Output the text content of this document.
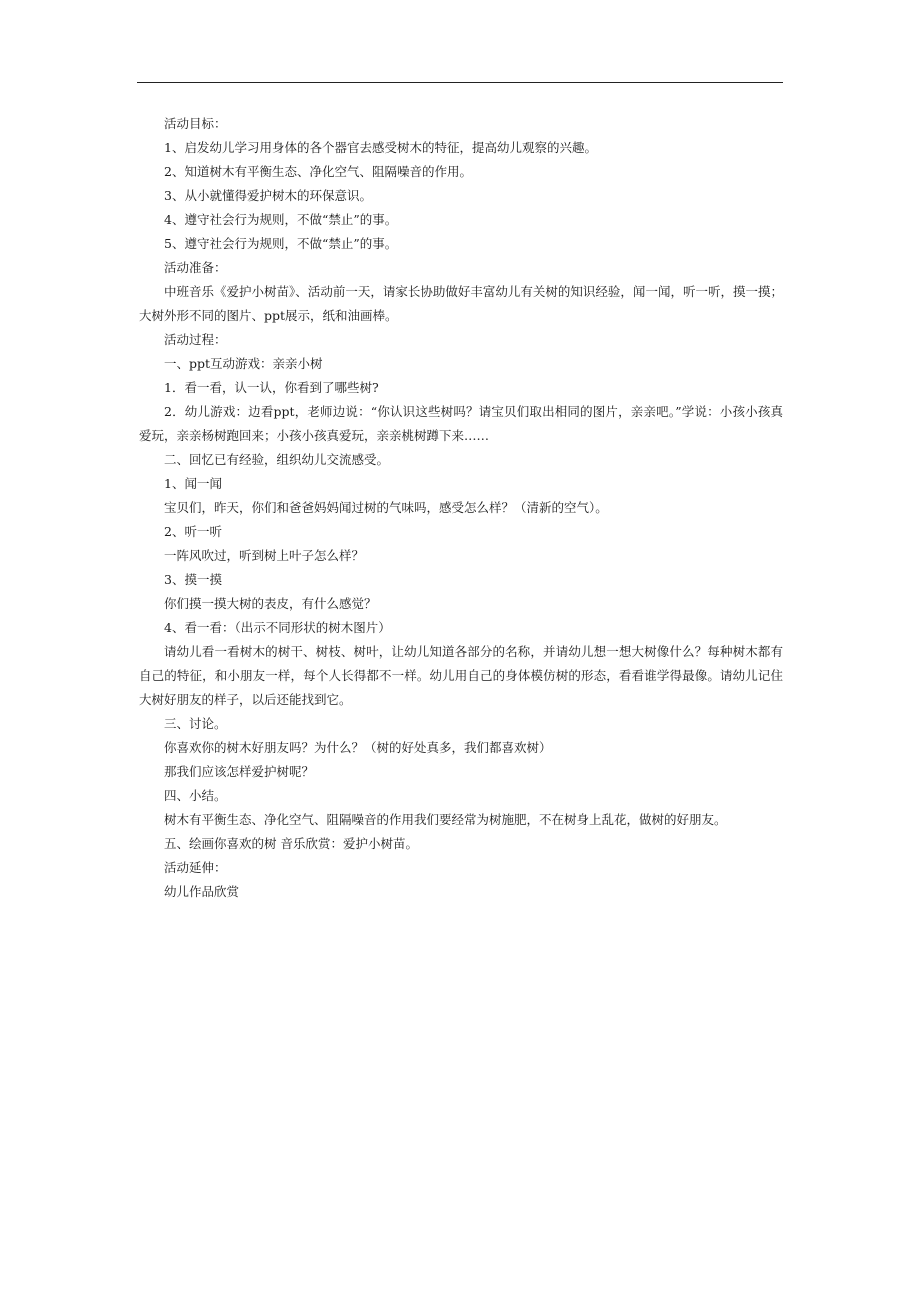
活动目标：
1、启发幼儿学习用身体的各个器官去感受树木的特征，提高幼儿观察的兴趣。
2、知道树木有平衡生态、净化空气、阻隔噪音的作用。
3、从小就懂得爱护树木的环保意识。
4、遵守社会行为规则，不做“禁止”的事。
5、遵守社会行为规则，不做“禁止”的事。
活动准备：
中班音乐《爱护小树苗》、活动前一天，请家长协助做好丰富幼儿有关树的知识经验，闻一闻，听一听，摸一摸；大树外形不同的图片、ppt展示，纸和油画棒。
活动过程：
一、ppt互动游戏：亲亲小树
1．看一看，认一认，你看到了哪些树?
2．幼儿游戏：边看ppt，老师边说：“你认识这些树吗？请宝贝们取出相同的图片，亲亲吧。”学说：小孩小孩真爱玩，亲亲杨树跑回来；小孩小孩真爱玩，亲亲桃树蹲下来……
二、回忆已有经验，组织幼儿交流感受。
1、闻一闻
宝贝们，昨天，你们和爸爸妈妈闻过树的气味吗，感受怎么样？（清新的空气）。
2、听一听
一阵风吹过，听到树上叶子怎么样？
3、摸一摸
你们摸一摸大树的表皮，有什么感觉？
4、看一看：（出示不同形状的树木图片）
请幼儿看一看树木的树干、树枝、树叶，让幼儿知道各部分的名称，并请幼儿想一想大树像什么？每种树木都有自己的特征，和小朋友一样，每个人长得都不一样。幼儿用自己的身体模仿树的形态，看看谁学得最像。请幼儿记住大树好朋友的样子，以后还能找到它。
三、讨论。
你喜欢你的树木好朋友吗？为什么？（树的好处真多，我们都喜欢树）
那我们应该怎样爱护树呢？
四、小结。
树木有平衡生态、净化空气、阻隔噪音的作用我们要经常为树施肥，不在树身上乱花，做树的好朋友。
五、绘画你喜欢的树 音乐欣赏：爱护小树苗。
活动延伸：
幼儿作品欣赏
